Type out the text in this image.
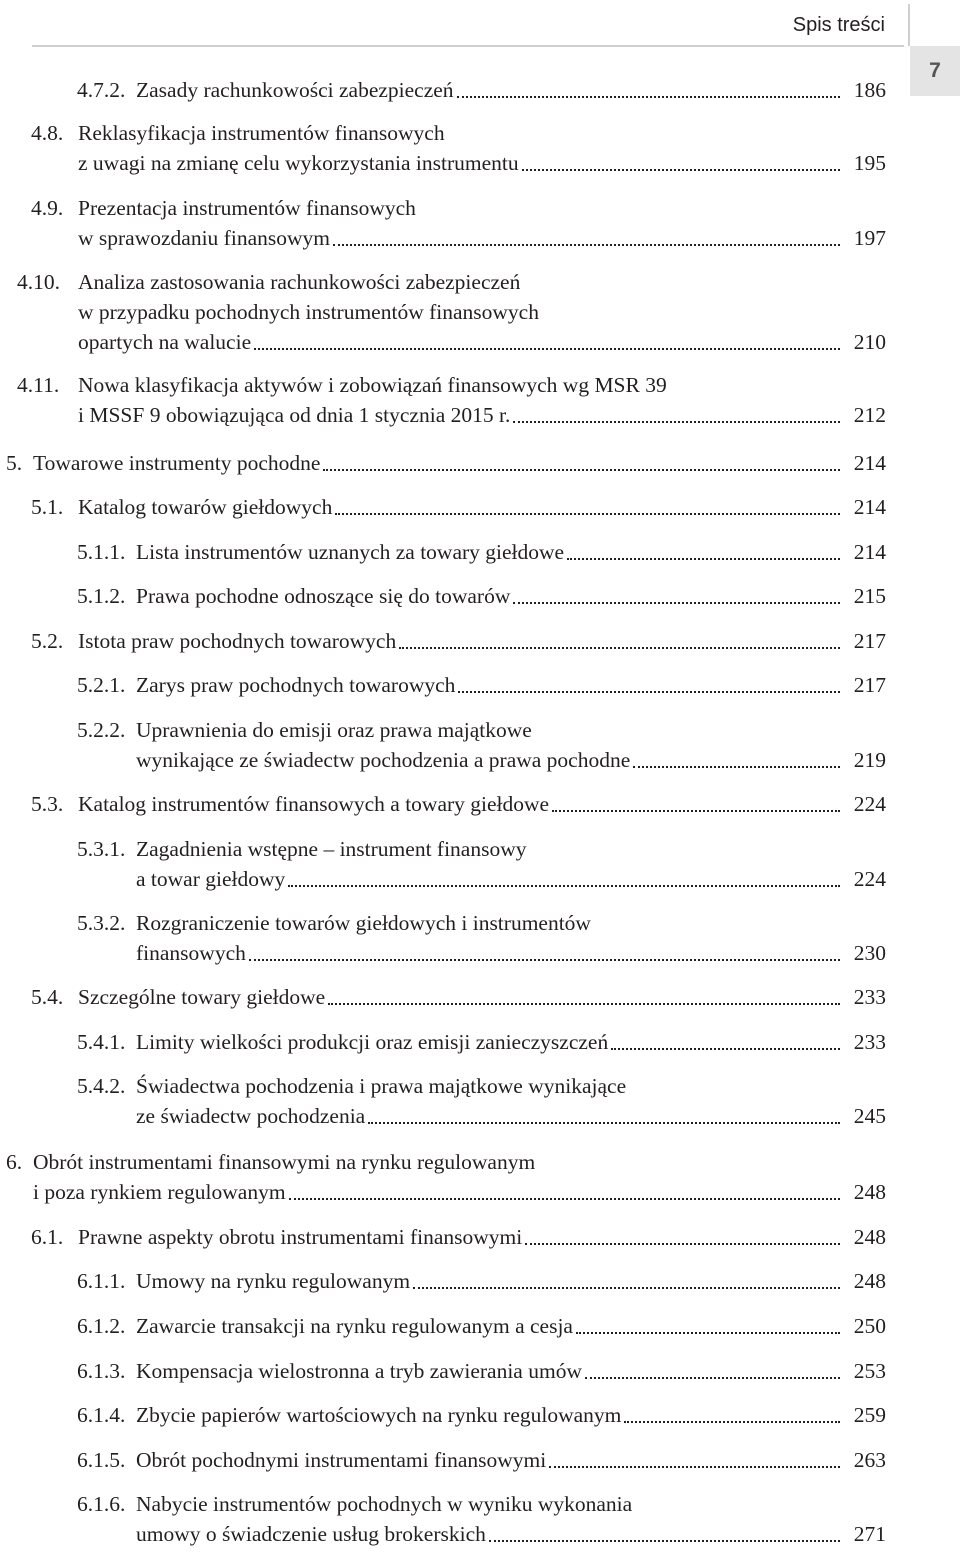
Spis treści
7
4.7.2. Zasady rachunkowości zabezpieczeń	186
4.8. Reklasyfikacja instrumentów finansowych
z uwagi na zmianę celu wykorzystania instrumentu	195
4.9. Prezentacja instrumentów finansowych
w sprawozdaniu finansowym	197
4.10. Analiza zastosowania rachunkowości zabezpieczeń
w przypadku pochodnych instrumentów finansowych
opartych na walucie	210
4.11. Nowa klasyfikacja aktywów i zobowiązań finansowych wg MSR 39
i MSSF 9 obowiązująca od dnia 1 stycznia 2015 r.	212
5. Towarowe instrumenty pochodne	214
5.1. Katalog towarów giełdowych	214
5.1.1. Lista instrumentów uznanych za towary giełdowe	214
5.1.2. Prawa pochodne odnoszące się do towarów	215
5.2. Istota praw pochodnych towarowych	217
5.2.1. Zarys praw pochodnych towarowych	217
5.2.2. Uprawnienia do emisji oraz prawa majątkowe
wynikające ze świadectw pochodzenia a prawa pochodne	219
5.3. Katalog instrumentów finansowych a towary giełdowe	224
5.3.1. Zagadnienia wstępne – instrument finansowy
a towar giełdowy	224
5.3.2. Rozgraniczenie towarów giełdowych i instrumentów
finansowych	230
5.4. Szczególne towary giełdowe	233
5.4.1. Limity wielkości produkcji oraz emisji zanieczyszczeń	233
5.4.2. Świadectwa pochodzenia i prawa majątkowe wynikające
ze świadectw pochodzenia	245
6. Obrót instrumentami finansowymi na rynku regulowanym
i poza rynkiem regulowanym	248
6.1. Prawne aspekty obrotu instrumentami finansowymi	248
6.1.1. Umowy na rynku regulowanym	248
6.1.2. Zawarcie transakcji na rynku regulowanym a cesja	250
6.1.3. Kompensacja wielostronna a tryb zawierania umów	253
6.1.4. Zbycie papierów wartościowych na rynku regulowanym	259
6.1.5. Obrót pochodnymi instrumentami finansowymi	263
6.1.6. Nabycie instrumentów pochodnych w wyniku wykonania
umowy o świadczenie usług brokerskich	271
